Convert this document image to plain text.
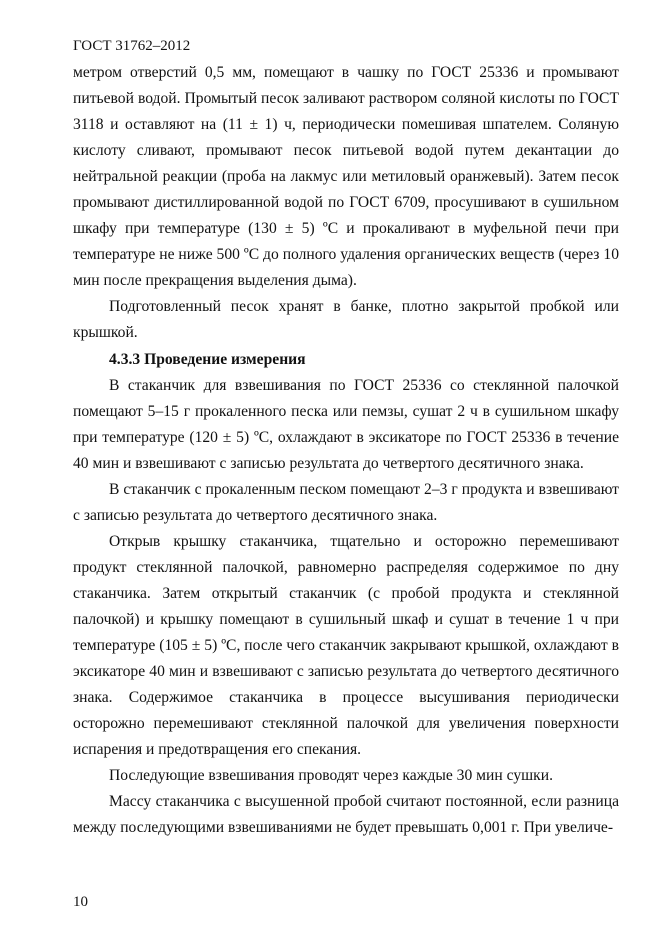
ГОСТ 31762–2012

метром отверстий 0,5 мм, помещают в чашку по ГОСТ 25336 и промывают питьевой водой. Промытый песок заливают раствором соляной кислоты по ГОСТ 3118 и оставляют на (11 ± 1) ч, периодически помешивая шпателем. Соляную кислоту сливают, промывают песок питьевой водой путем декантации до нейтральной реакции (проба на лакмус или метиловый оранжевый). Затем песок промывают дистиллированной водой по ГОСТ 6709, просушивают в сушильном шкафу при температуре (130 ± 5) ºС и прокаливают в муфельной печи при температуре не ниже 500 ºС до полного удаления органических веществ (через 10 мин после прекращения выделения дыма).

Подготовленный песок хранят в банке, плотно закрытой пробкой или крышкой.

4.3.3 Проведение измерения

В стаканчик для взвешивания по ГОСТ 25336 со стеклянной палочкой помещают 5–15 г прокаленного песка или пемзы, сушат 2 ч в сушильном шкафу при температуре (120 ± 5) ºС, охлаждают в эксикаторе по ГОСТ 25336 в течение 40 мин и взвешивают с записью результата до четвертого десятичного знака.

В стаканчик с прокаленным песком помещают 2–3 г продукта и взвешивают с записью результата до четвертого десятичного знака.

Открыв крышку стаканчика, тщательно и осторожно перемешивают продукт стеклянной палочкой, равномерно распределяя содержимое по дну стаканчика. Затем открытый стаканчик (с пробой продукта и стеклянной палочкой) и крышку помещают в сушильный шкаф и сушат в течение 1 ч при температуре (105 ± 5) ºС, после чего стаканчик закрывают крышкой, охлаждают в эксикаторе 40 мин и взвешивают с записью результата до четвертого десятичного знака. Содержимое стаканчика в процессе высушивания периодически осторожно перемешивают стеклянной палочкой для увеличения поверхности испарения и предотвращения его спекания.

Последующие взвешивания проводят через каждые 30 мин сушки.

Массу стаканчика с высушенной пробой считают постоянной, если разница между последующими взвешиваниями не будет превышать 0,001 г. При увеличе-

10
